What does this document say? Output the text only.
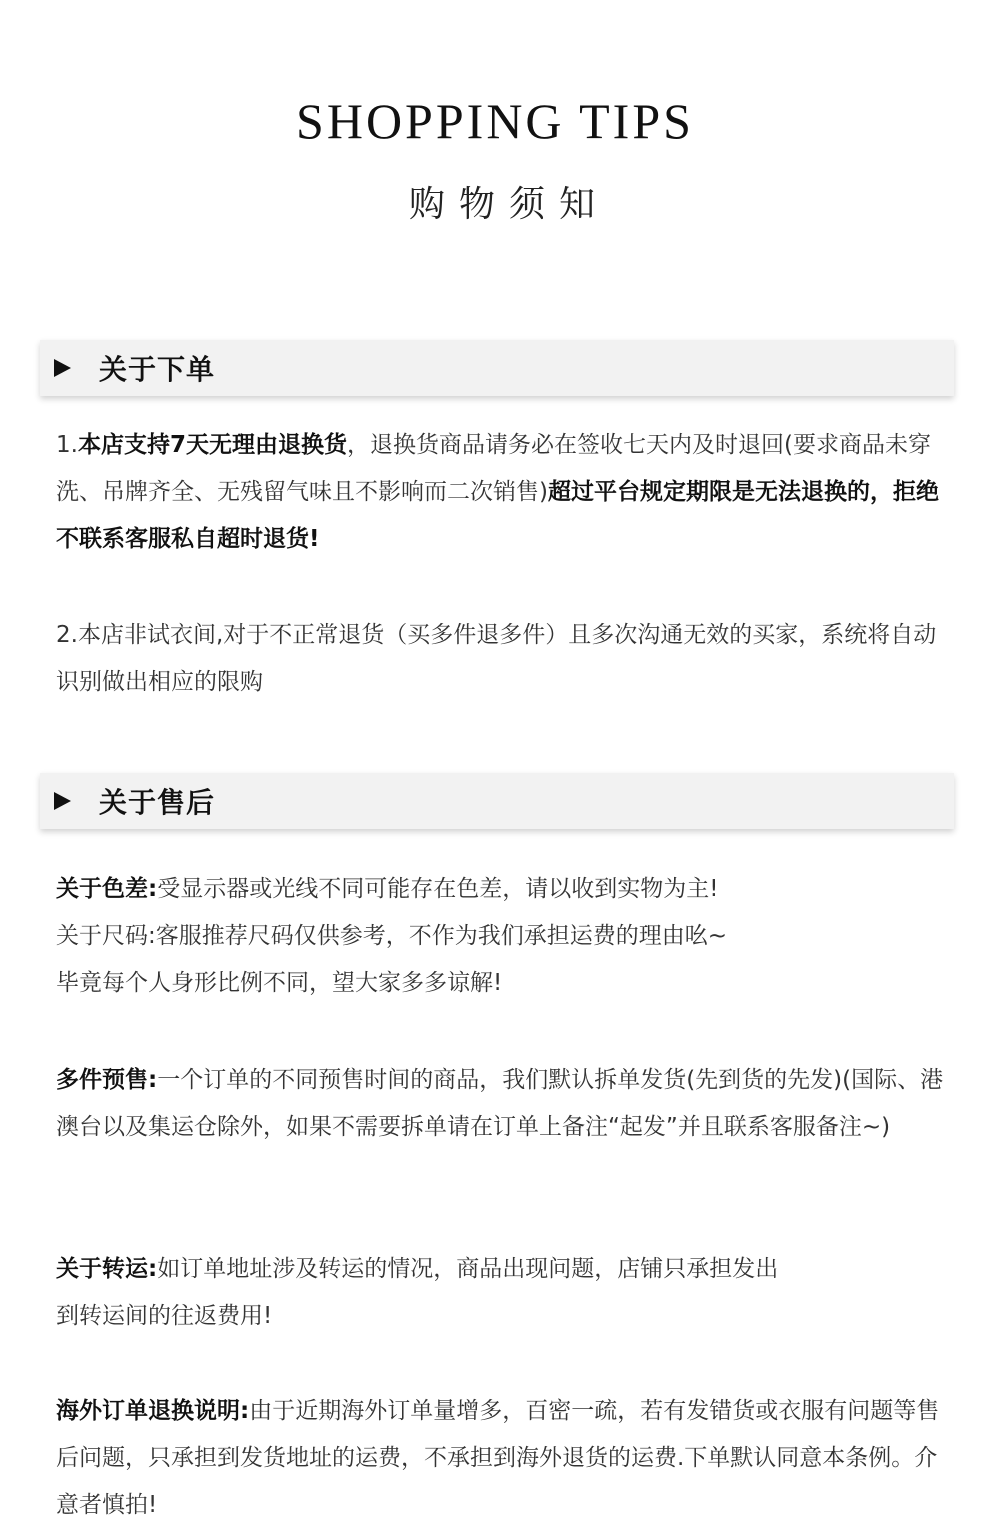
SHOPPING TIPS
购物须知
关于下单
1.本店支持7天无理由退换货，退换货商品请务必在签收七天内及时退回(要求商品未穿洗、吊牌齐全、无残留气味且不影响而二次销售)超过平台规定期限是无法退换的，拒绝不联系客服私自超时退货!
2.本店非试衣间,对于不正常退货（买多件退多件）且多次沟通无效的买家，系统将自动识别做出相应的限购
关于售后
关于色差:受显示器或光线不同可能存在色差，请以收到实物为主!
关于尺码:客服推荐尺码仅供参考，不作为我们承担运费的理由吆~
毕竟每个人身形比例不同，望大家多多谅解!
多件预售:一个订单的不同预售时间的商品，我们默认拆单发货(先到货的先发)(国际、港澳台以及集运仓除外，如果不需要拆单请在订单上备注“起发”并且联系客服备注~)
关于转运:如订单地址涉及转运的情况，商品出现问题，店铺只承担发出
到转运间的往返费用!
海外订单退换说明:由于近期海外订单量增多，百密一疏，若有发错货或衣服有问题等售后问题，只承担到发货地址的运费，不承担到海外退货的运费.下单默认同意本条例。介意者慎拍!
